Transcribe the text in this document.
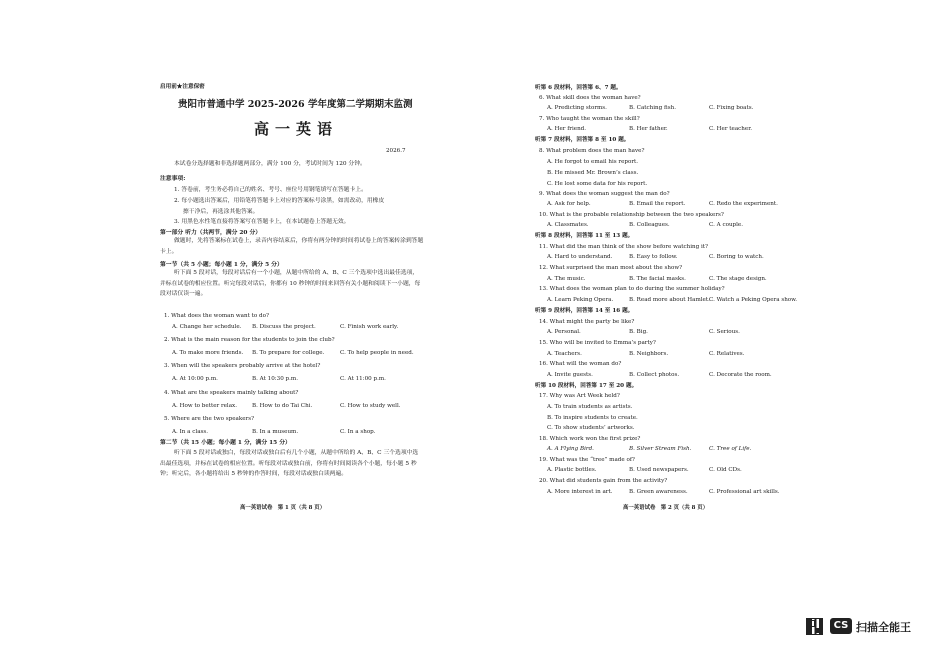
启用前★注意保密
贵阳市普通中学 2025-2026 学年度第二学期期末监测
高一英语
2026.7
本试卷分选择题和非选择题两部分，满分 100 分，考试时间为 120 分钟。
注意事项:
1. 答卷前，考生务必将自己的姓名、考号、座位号用钢笔填写在答题卡上。
2. 每小题选出答案后，用铅笔将答题卡上对应的答案标号涂黑，如需改动，用橡皮
擦干净后，再选涂其他答案。
3. 用黑色水性笔直接将答案写在答题卡上，在本试题卷上答题无效。
第一部分 听力（共两节，满分 20 分）
做题时，先将答案标在试卷上，录音内容结束后，你将有两分钟的时间将试卷上的答案转涂到答题卡上。
第一节（共 5 小题；每小题 1 分，满分 5 分）
听下面 5 段对话，每段对话后有一个小题，从题中所给的 A、B、C 三个选项中选出最佳选项，并标在试卷的相应位置。听完每段对话后，你都有 10 秒钟的时间来回答有关小题和阅读下一小题，每段对话仅读一遍。
1. What does the woman want to do?
A. Change her schedule. B. Discuss the project.	C. Finish work early.
2. What is the main reason for the students to join the club?
A. To make more friends. B. To prepare for college.	C. To help people in need.
3. When will the speakers probably arrive at the hotel?
A. At 10:00 p.m.	B. At 10:30 p.m.	C. At 11:00 p.m.
4. What are the speakers mainly talking about?
A. How to better relax.	B. How to do Tai Chi.	C. How to study well.
5. Where are the two speakers?
A. In a class.	B. In a museum.	C. In a shop.
第二节（共 15 小题；每小题 1 分，满分 15 分）
听下面 5 段对话或独白，每段对话或独白后有几个小题，从题中所给的 A、B、C 三个选项中选出最佳选项，并标在试卷的相应位置。听每段对话或独白前，你将有时间阅读各个小题，每小题 5 秒钟；听完后，各小题将给出 5 秒钟的作答时间，每段对话或独白读两遍。
高一英语试卷　第 1 页（共 8 页）
听第 6 段材料，回答第 6、7 题。
6. What skill does the woman have?
A. Predicting storms.	B. Catching fish.	C. Fixing boats.
7. Who taught the woman the skill?
A. Her friend.	B. Her father.	C. Her teacher.
听第 7 段材料，回答第 8 至 10 题。
8. What problem does the man have?
A. He forgot to email his report.
B. He missed Mr. Brown’s class.
C. He lost some data for his report.
9. What does the woman suggest the man do?
A. Ask for help.	B. Email the report.	C. Redo the experiment.
10. What is the probable relationship between the two speakers?
A. Classmates.	B. Colleagues.	C. A couple.
听第 8 段材料，回答第 11 至 13 题。
11. What did the man think of the show before watching it?
A. Hard to understand.	B. Easy to follow.	C. Boring to watch.
12. What surprised the man most about the show?
A. The music.	B. The facial masks.	C. The stage design.
13. What does the woman plan to do during the summer holiday?
A. Learn Peking Opera.	B. Read more about Hamlet. C. Watch a Peking Opera show.
听第 9 段材料，回答第 14 至 16 题。
14. What might the party be like?
A. Personal.	B. Big.	C. Serious.
15. Who will be invited to Emma’s party?
A. Teachers.	B. Neighbors.	C. Relatives.
16. What will the woman do?
A. Invite guests.	B. Collect photos.	C. Decorate the room.
听第 10 段材料，回答第 17 至 20 题。
17. Why was Art Week held?
A. To train students as artists.
B. To inspire students to create.
C. To show students’ artworks.
18. Which work won the first prize?
A. A Flying Bird.	B. Silver Stream Fish.	C. Tree of Life.
19. What was the “tree” made of?
A. Plastic bottles.	B. Used newspapers.	C. Old CDs.
20. What did students gain from the activity?
A. More interest in art.	B. Green awareness.	C. Professional art skills.
高一英语试卷　第 2 页（共 8 页）
CS 扫描全能王
